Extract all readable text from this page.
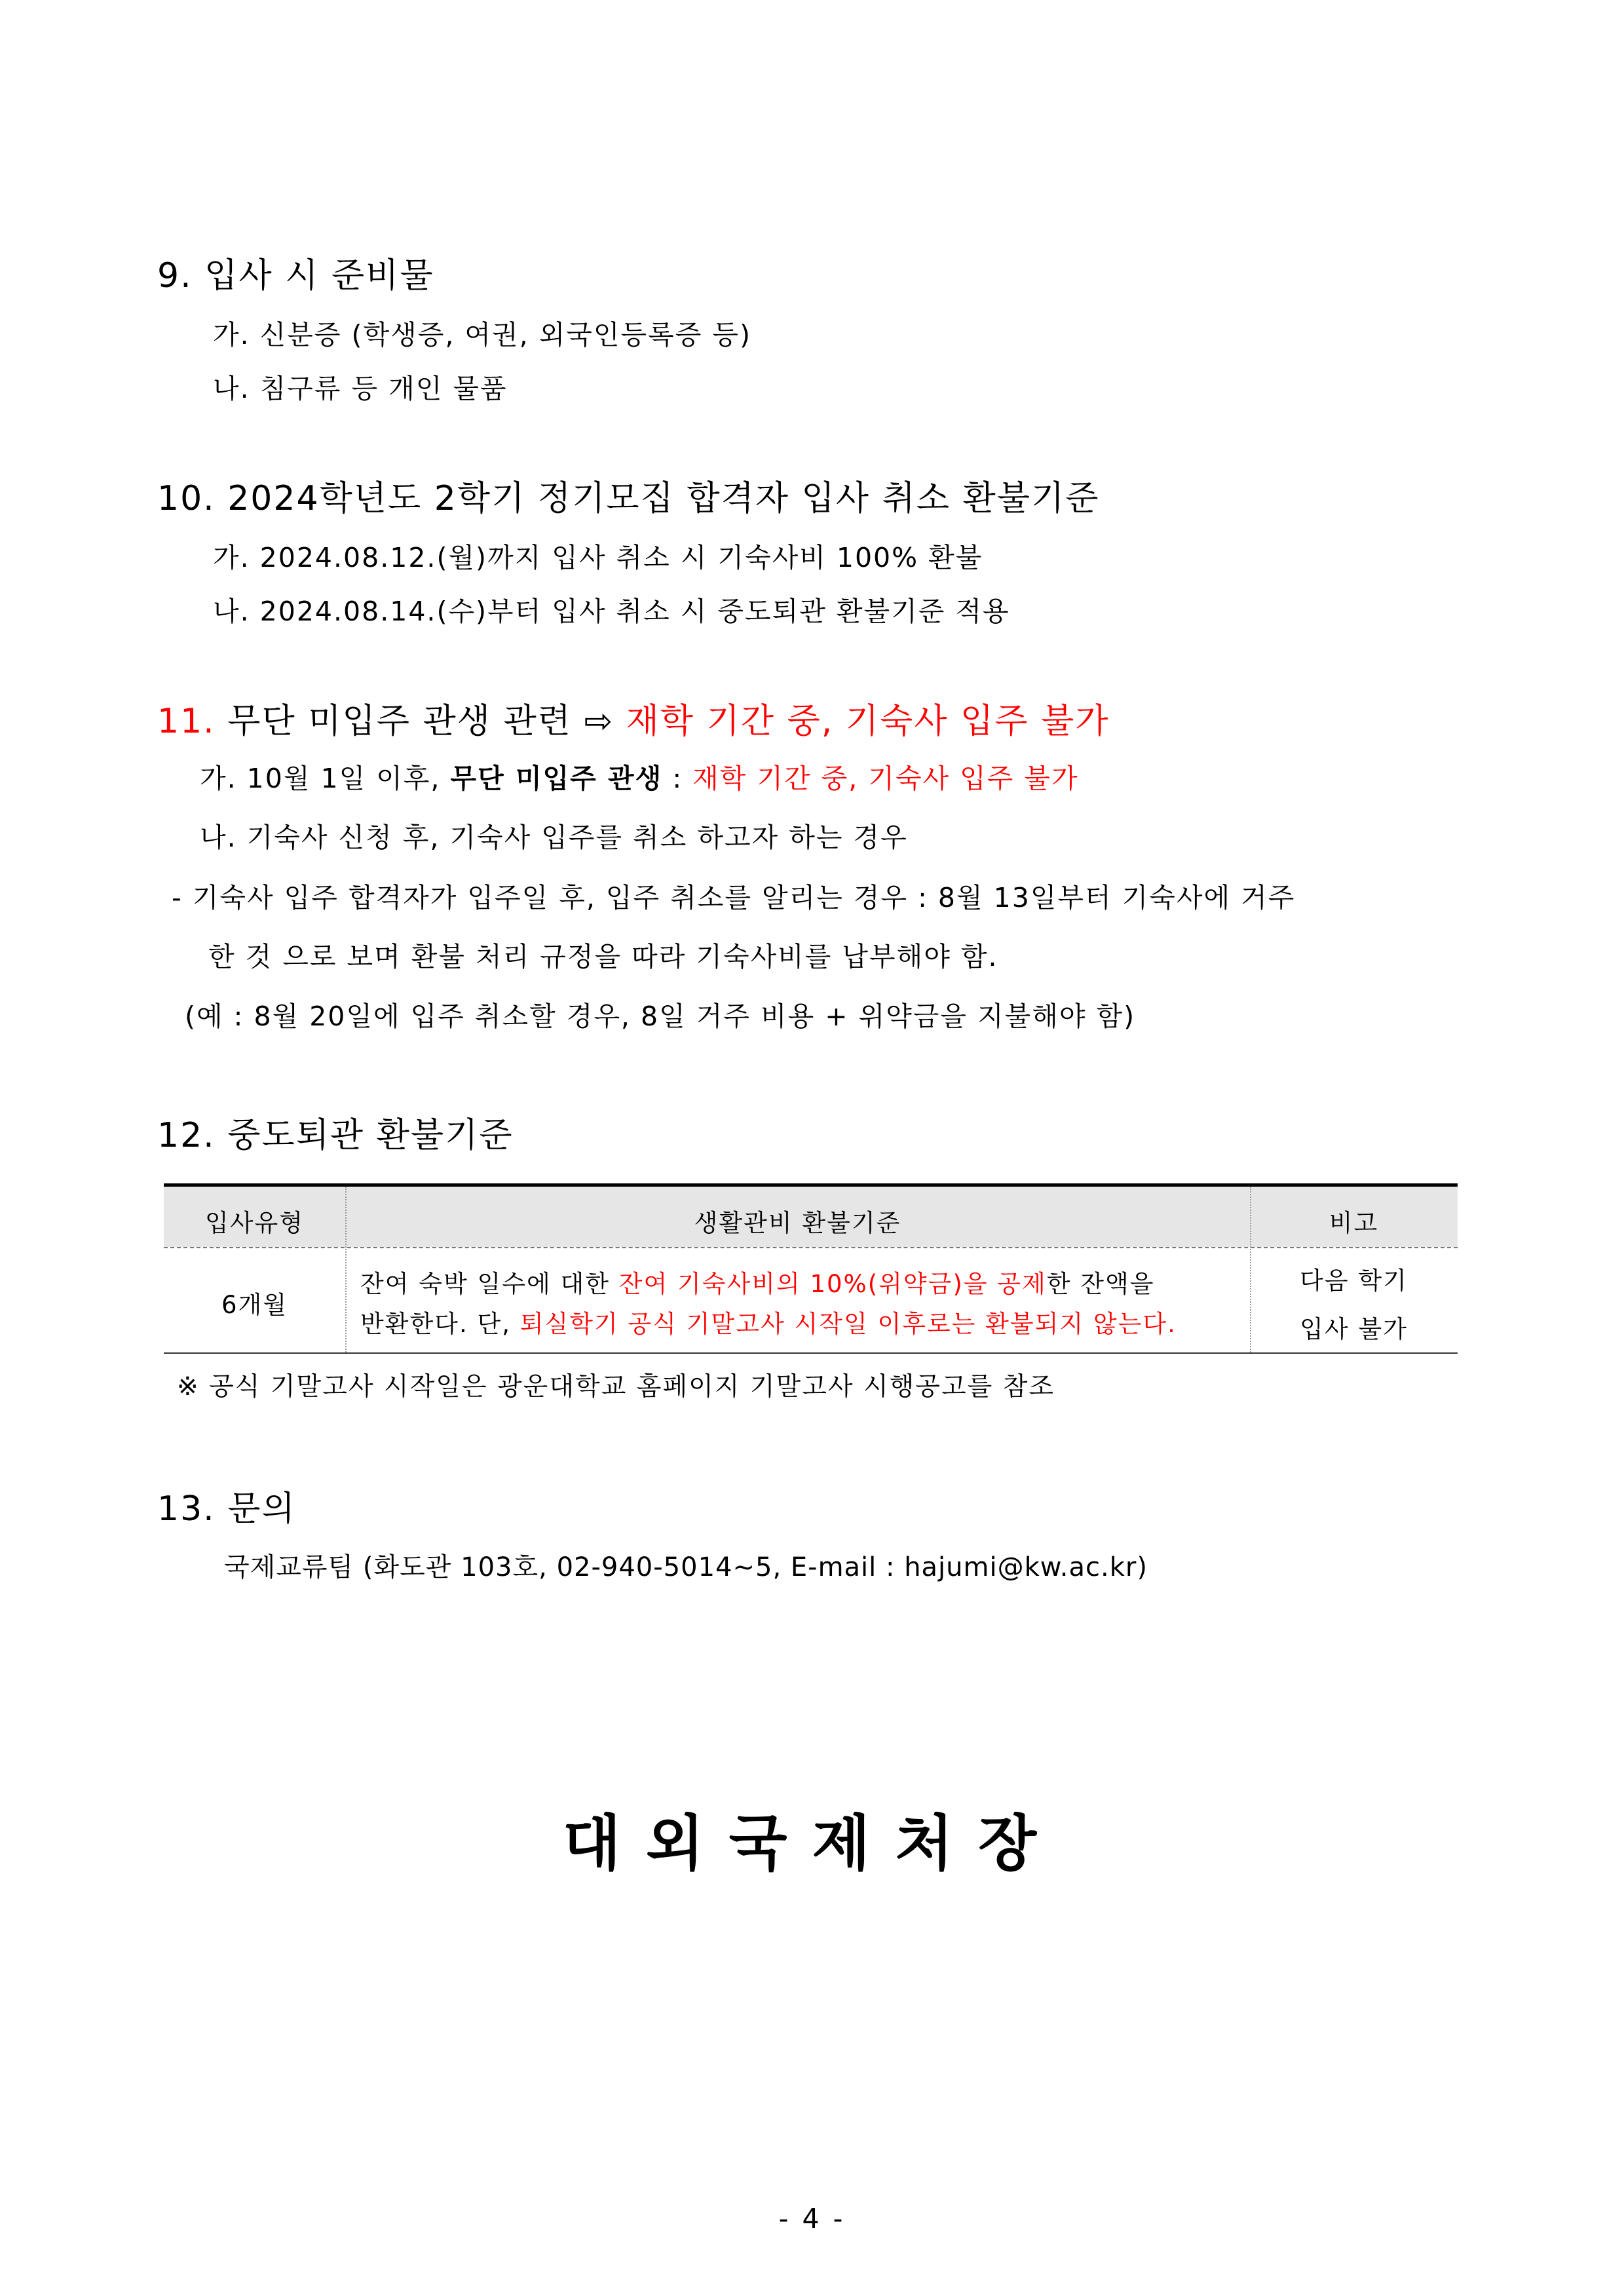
9. 입사 시 준비물
가. 신분증 (학생증, 여권, 외국인등록증 등)
나. 침구류 등 개인 물품
10. 2024학년도 2학기 정기모집 합격자 입사 취소 환불기준
가. 2024.08.12.(월)까지 입사 취소 시 기숙사비 100% 환불
나. 2024.08.14.(수)부터 입사 취소 시 중도퇴관 환불기준 적용
11. 무단 미입주 관생 관련 ⇨ 재학 기간 중, 기숙사 입주 불가
가. 10월 1일 이후, 무단 미입주 관생 : 재학 기간 중, 기숙사 입주 불가
나. 기숙사 신청 후, 기숙사 입주를 취소 하고자 하는 경우
- 기숙사 입주 합격자가 입주일 후, 입주 취소를 알리는 경우 : 8월 13일부터 기숙사에 거주
한 것 으로 보며 환불 처리 규정을 따라 기숙사비를 납부해야 함.
(예 : 8월 20일에 입주 취소할 경우, 8일 거주 비용 + 위약금을 지불해야 함)
12. 중도퇴관 환불기준
입사유형	생활관비 환불기준	비고
6개월
잔여 숙박 일수에 대한 잔여 기숙사비의 10%(위약금)을 공제한 잔액을
반환한다. 단, 퇴실학기 공식 기말고사 시작일 이후로는 환불되지 않는다.
다음 학기
입사 불가
※ 공식 기말고사 시작일은 광운대학교 홈페이지 기말고사 시행공고를 참조
13. 문의
국제교류팀 (화도관 103호, 02-940-5014~5, E-mail : hajumi@kw.ac.kr)
대외국제처장
- 4 -
